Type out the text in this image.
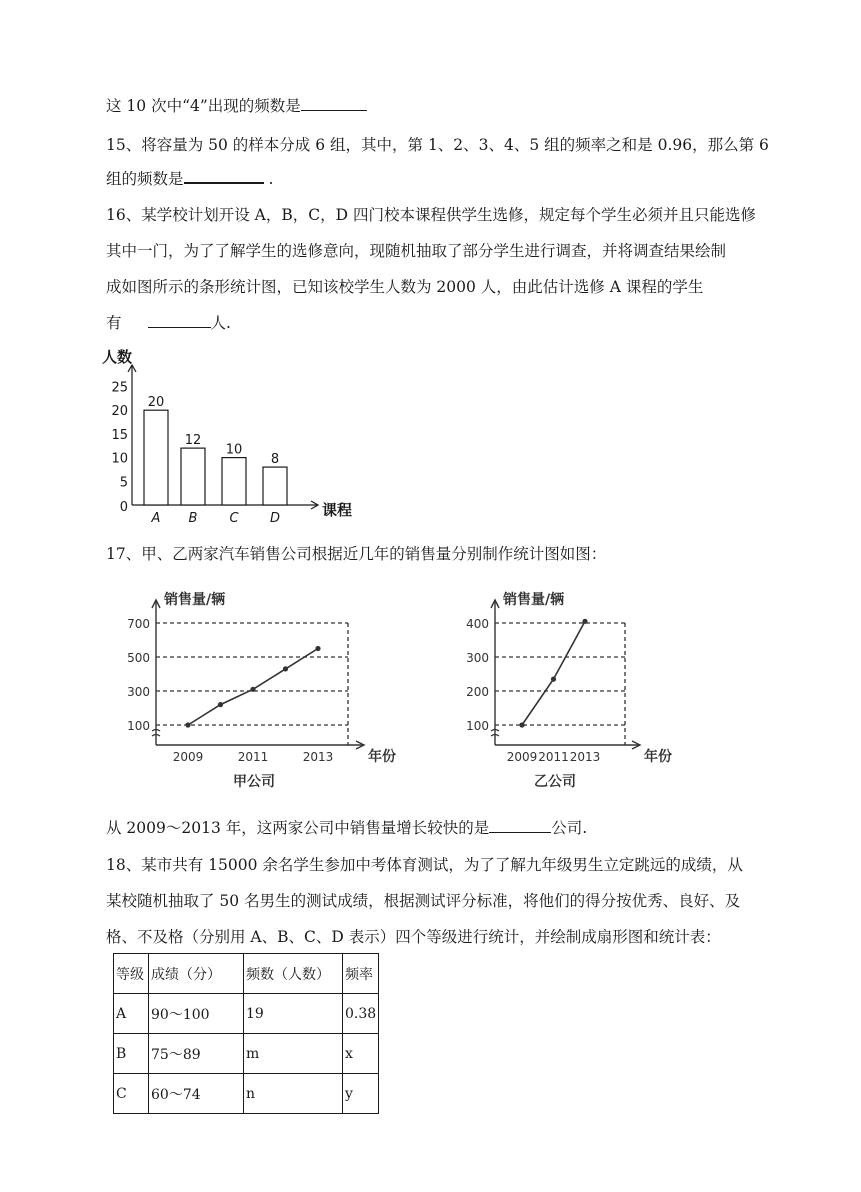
这 10 次中“4”出现的频数是
15、将容量为 50 的样本分成 6 组，其中，第 1、2、3、4、5 组的频率之和是 0.96，那么第 6
组的频数是	.
16、某学校计划开设 A，B，C，D 四门校本课程供学生选修，规定每个学生必须并且只能选修
其中一门，为了了解学生的选修意向，现随机抽取了部分学生进行调查，并将调查结果绘制
成如图所示的条形统计图，已知该校学生人数为 2000 人，由此估计选修 A 课程的学生
有	人.
人数
课程
0
5
10
15
20
25
20
A
12
B
10
C
8
D
17、甲、乙两家汽车销售公司根据近几年的销售量分别制作统计图如图：
销售量/辆
年份
甲公司
100
300
500
700
2009	2011	2013
销售量/辆
年份
乙公司
100
200
300
400
2009 2011 2013
从 2009～2013 年，这两家公司中销售量增长较快的是	公司.
18、某市共有 15000 余名学生参加中考体育测试，为了了解九年级男生立定跳远的成绩，从
某校随机抽取了 50 名男生的测试成绩，根据测试评分标准，将他们的得分按优秀、良好、及
格、不及格（分别用 A、B、C、D 表示）四个等级进行统计，并绘制成扇形图和统计表：
等级	成绩（分）	频数（人数）	频率
A	90～100	19	0.38
B	75～89	m	x
C	60～74	n	y
